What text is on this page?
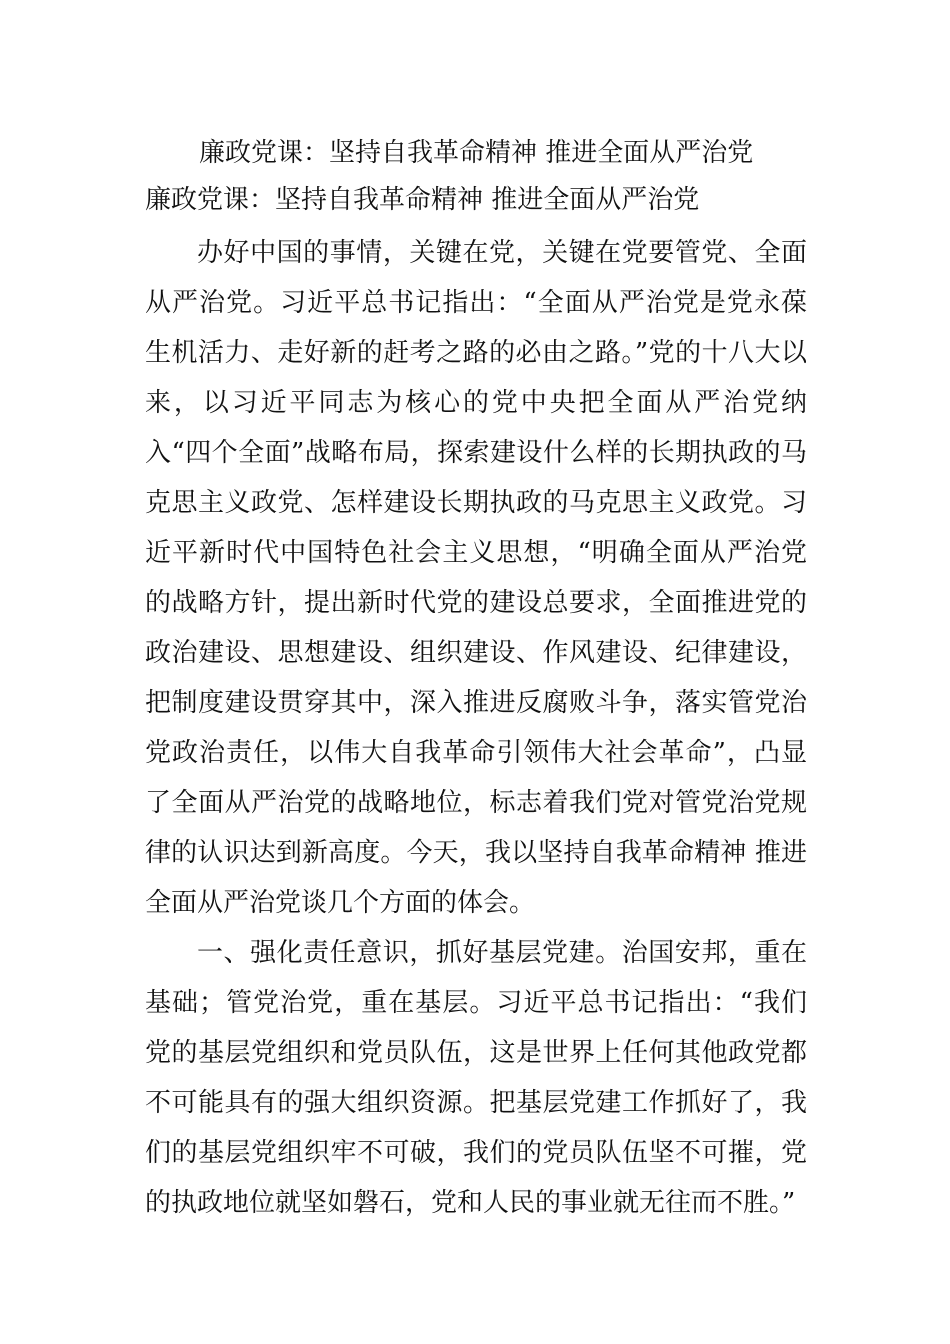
廉政党课：坚持自我革命精神 推进全面从严治党
廉政党课：坚持自我革命精神 推进全面从严治党

办好中国的事情，关键在党，关键在党要管党、全面从严治党。习近平总书记指出：“全面从严治党是党永葆生机活力、走好新的赶考之路的必由之路。”党的十八大以来，以习近平同志为核心的党中央把全面从严治党纳入“四个全面”战略布局，探索建设什么样的长期执政的马克思主义政党、怎样建设长期执政的马克思主义政党。习近平新时代中国特色社会主义思想，“明确全面从严治党的战略方针，提出新时代党的建设总要求，全面推进党的政治建设、思想建设、组织建设、作风建设、纪律建设，把制度建设贯穿其中，深入推进反腐败斗争，落实管党治党政治责任，以伟大自我革命引领伟大社会革命”，凸显了全面从严治党的战略地位，标志着我们党对管党治党规律的认识达到新高度。今天，我以坚持自我革命精神 推进全面从严治党谈几个方面的体会。

一、强化责任意识，抓好基层党建。治国安邦，重在基础；管党治党，重在基层。习近平总书记指出：“我们党的基层党组织和党员队伍，这是世界上任何其他政党都不可能具有的强大组织资源。把基层党建工作抓好了，我们的基层党组织牢不可破，我们的党员队伍坚不可摧，党的执政地位就坚如磐石，党和人民的事业就无往而不胜。”
